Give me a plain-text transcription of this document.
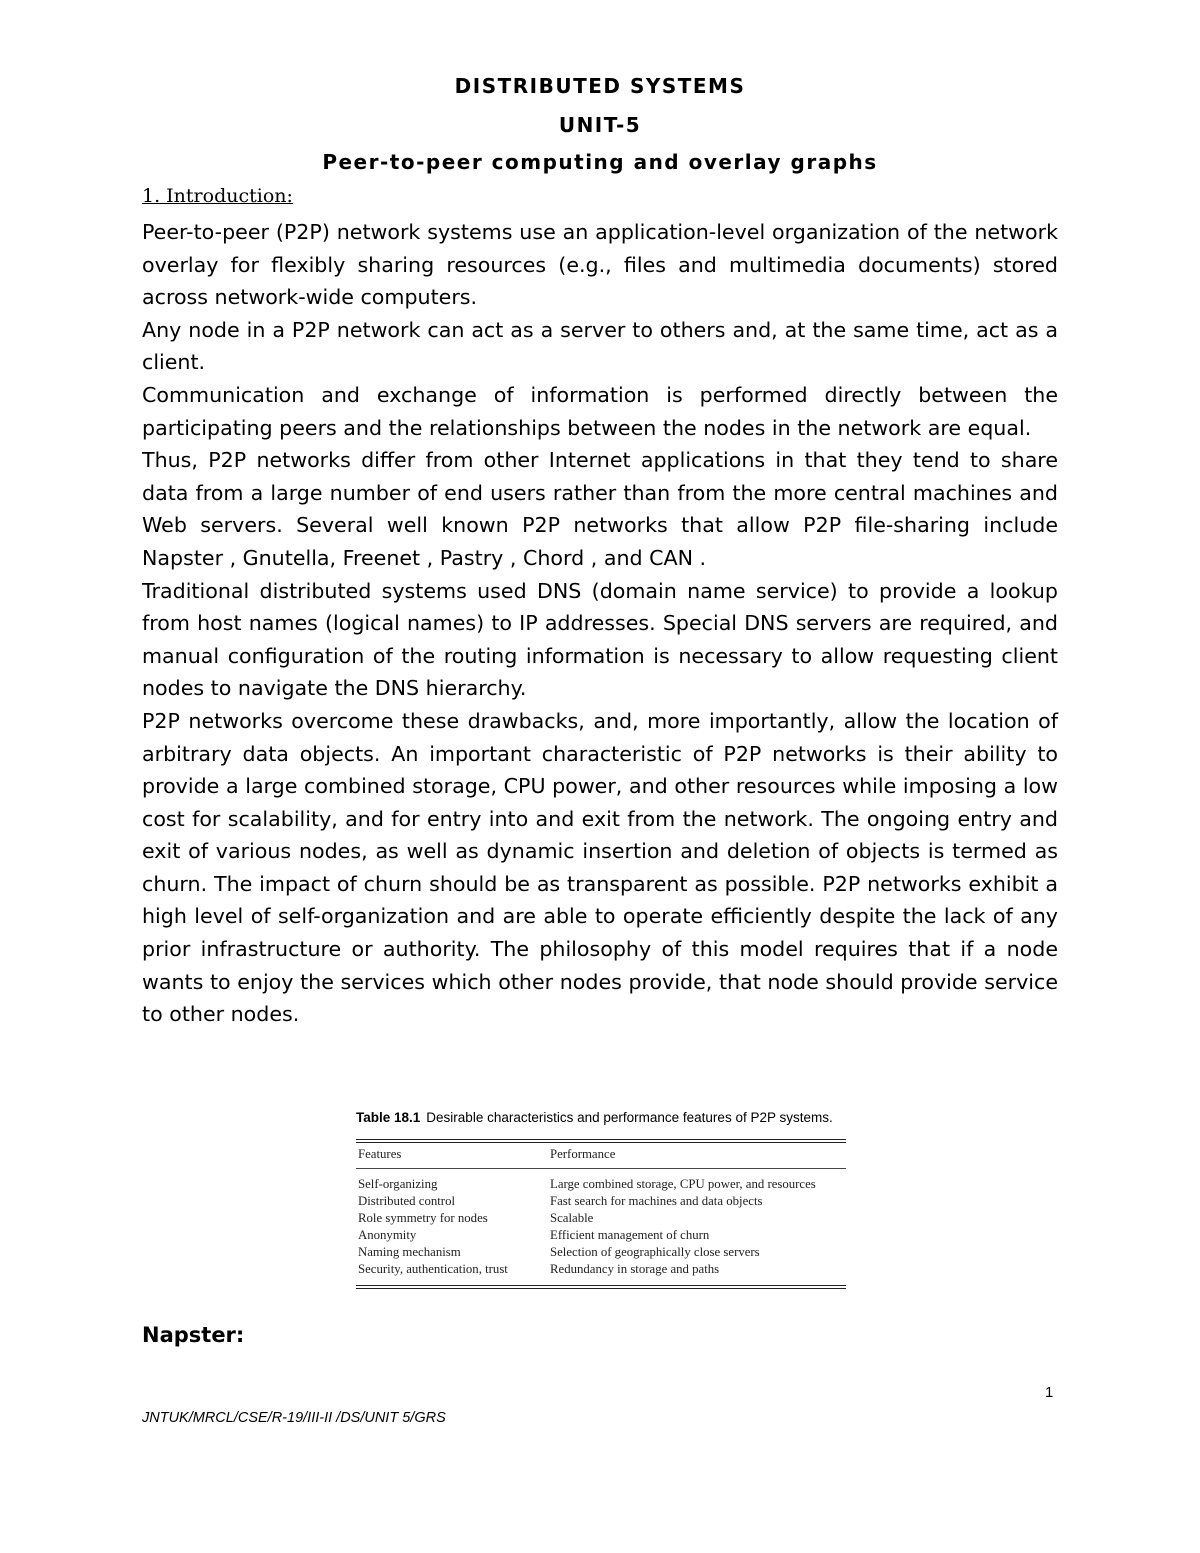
DISTRIBUTED SYSTEMS
UNIT-5
Peer-to-peer computing and overlay graphs
1. Introduction:

Peer-to-peer (P2P) network systems use an application-level organization of the network overlay for flexibly sharing resources (e.g., files and multimedia documents) stored across network-wide computers.

Any node in a P2P network can act as a server to others and, at the same time, act as a client.

Communication and exchange of information is performed directly between the participating peers and the relationships between the nodes in the network are equal.

Thus, P2P networks differ from other Internet applications in that they tend to share data from a large number of end users rather than from the more central machines and Web servers. Several well known P2P networks that allow P2P file-sharing include Napster , Gnutella, Freenet , Pastry , Chord , and CAN .

Traditional distributed systems used DNS (domain name service) to provide a lookup from host names (logical names) to IP addresses. Special DNS servers are required, and manual configuration of the routing information is necessary to allow requesting client nodes to navigate the DNS hierarchy.

P2P networks overcome these drawbacks, and, more importantly, allow the location of arbitrary data objects. An important characteristic of P2P networks is their ability to provide a large combined storage, CPU power, and other resources while imposing a low cost for scalability, and for entry into and exit from the network. The ongoing entry and exit of various nodes, as well as dynamic insertion and deletion of objects is termed as churn. The impact of churn should be as transparent as possible. P2P networks exhibit a high level of self-organization and are able to operate efficiently despite the lack of any prior infrastructure or authority. The philosophy of this model requires that if a node wants to enjoy the services which other nodes provide, that node should provide service to other nodes.

Table 18.1 Desirable characteristics and performance features of P2P systems.
Features	Performance
Self-organizing	Large combined storage, CPU power, and resources
Distributed control	Fast search for machines and data objects
Role symmetry for nodes	Scalable
Anonymity	Efficient management of churn
Naming mechanism	Selection of geographically close servers
Security, authentication, trust	Redundancy in storage and paths
Napster:
1
JNTUK/MRCL/CSE/R-19/III-II /DS/UNIT 5/GRS
